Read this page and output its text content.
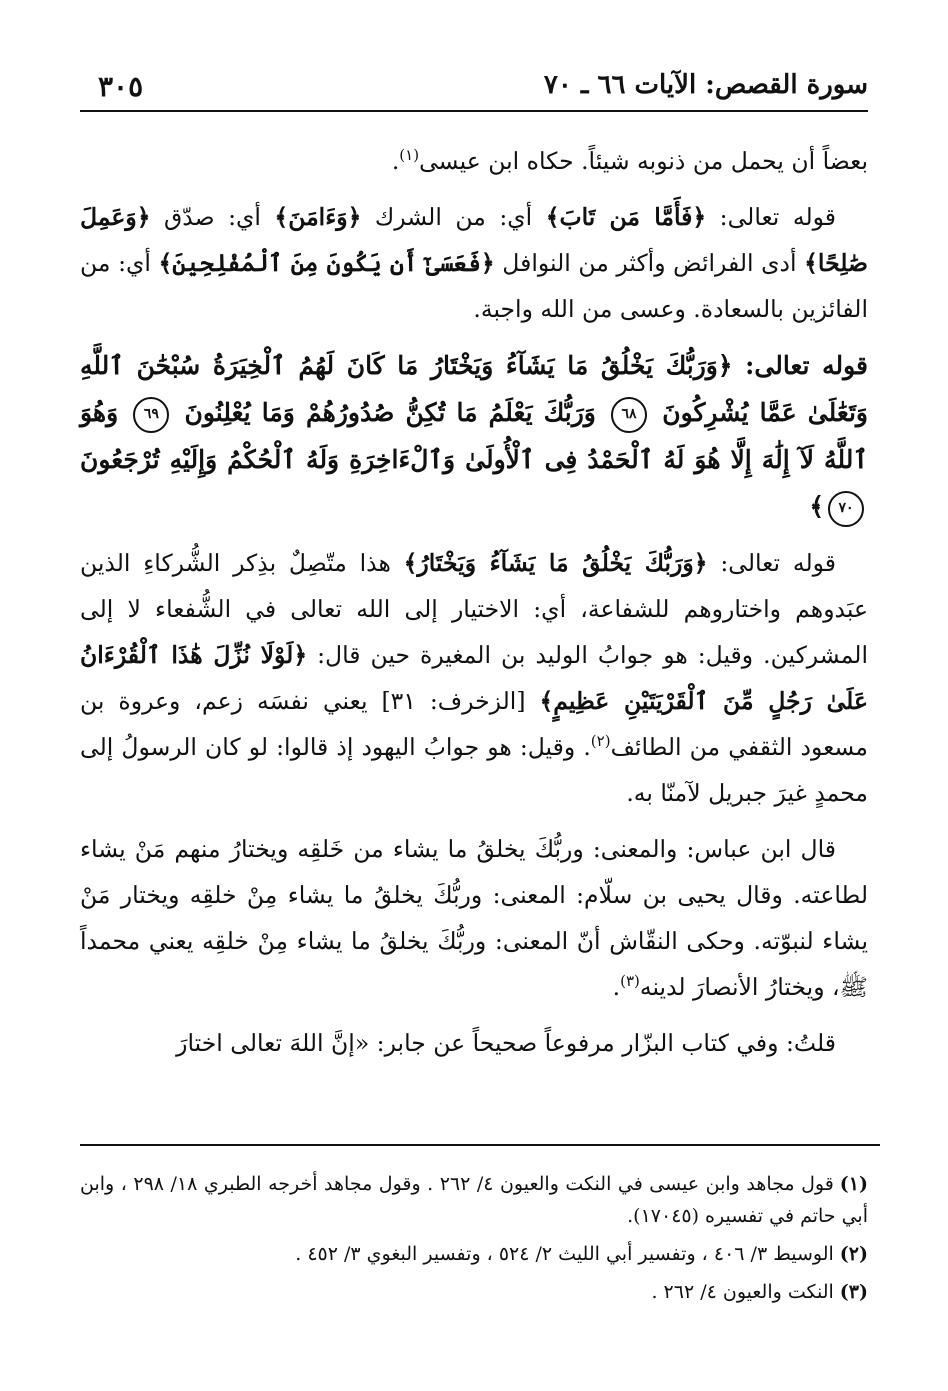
سورة القصص: الآيات ٦٦ ـ ٧٠
٣٠٥

بعضاً أن يحمل من ذنوبه شيئاً. حكاه ابن عيسى$^{(١)}$.

قوله تعالى: ﴿فَأَمَّا مَن تَابَ﴾ أي: من الشرك ﴿وَءَامَنَ﴾ أي: صدّق ﴿وَعَمِلَ صَٰلِحًا﴾ أدى الفرائض وأكثر من النوافل ﴿فَعَسَىٰٓ أَن يَكُونَ مِنَ ٱلْمُفْلِحِينَ﴾ أي: من الفائزين بالسعادة. وعسى من الله واجبة.

قوله تعالى: ﴿وَرَبُّكَ يَخْلُقُ مَا يَشَآءُ وَيَخْتَارُ مَا كَانَ لَهُمُ ٱلْخِيَرَةُ سُبْحَٰنَ ٱللَّهِ وَتَعَٰلَىٰ عَمَّا يُشْرِكُونَ ٦٨ وَرَبُّكَ يَعْلَمُ مَا تُكِنُّ صُدُورُهُمْ وَمَا يُعْلِنُونَ ٦٩ وَهُوَ ٱللَّهُ لَآ إِلَٰهَ إِلَّا هُوَ لَهُ ٱلْحَمْدُ فِى ٱلْأُولَىٰ وَٱلْءَاخِرَةِ وَلَهُ ٱلْحُكْمُ وَإِلَيْهِ تُرْجَعُونَ ٧٠﴾

قوله تعالى: ﴿وَرَبُّكَ يَخْلُقُ مَا يَشَآءُ وَيَخْتَارُ﴾ هذا متّصِلٌ بذِكر الشُّركاءِ الذين عبَدوهم واختاروهم للشفاعة، أي: الاختيار إلى الله تعالى في الشُّفعاء لا إلى المشركين. وقيل: هو جوابُ الوليد بن المغيرة حين قال: ﴿لَوْلَا نُزِّلَ هَٰذَا ٱلْقُرْءَانُ عَلَىٰ رَجُلٍ مِّنَ ٱلْقَرْيَتَيْنِ عَظِيمٍ﴾ [الزخرف: ٣١] يعني نفسَه زعم، وعروة بن مسعود الثقفي من الطائف$^{(٢)}$. وقيل: هو جوابُ اليهود إذ قالوا: لو كان الرسولُ إلى محمدٍ غيرَ جبريل لآمنّا به.

قال ابن عباس: والمعنى: وربُّكَ يخلقُ ما يشاء من خَلقِه ويختارُ منهم مَنْ يشاء لطاعته. وقال يحيى بن سلّام: المعنى: وربُّكَ يخلقُ ما يشاء مِنْ خلقِه ويختار مَنْ يشاء لنبوّته. وحكى النقّاش أنّ المعنى: وربُّكَ يخلقُ ما يشاء مِنْ خلقِه يعني محمداً ﷺ، ويختارُ الأنصارَ لدينه$^{(٣)}$.

قلتُ: وفي كتاب البزّار مرفوعاً صحيحاً عن جابر: «إنَّ اللهَ تعالى اختارَ

(١)قول مجاهد وابن عيسى في النكت والعيون ٤/ ٢٦٢ . وقول مجاهد أخرجه الطبري ١٨/ ٢٩٨ ، وابن أبي حاتم في تفسيره (١٧٠٤٥).
(٢)الوسيط ٣/ ٤٠٦ ، وتفسير أبي الليث ٢/ ٥٢٤ ، وتفسير البغوي ٣/ ٤٥٢ .
(٣)النكت والعيون ٤/ ٢٦٢ .
